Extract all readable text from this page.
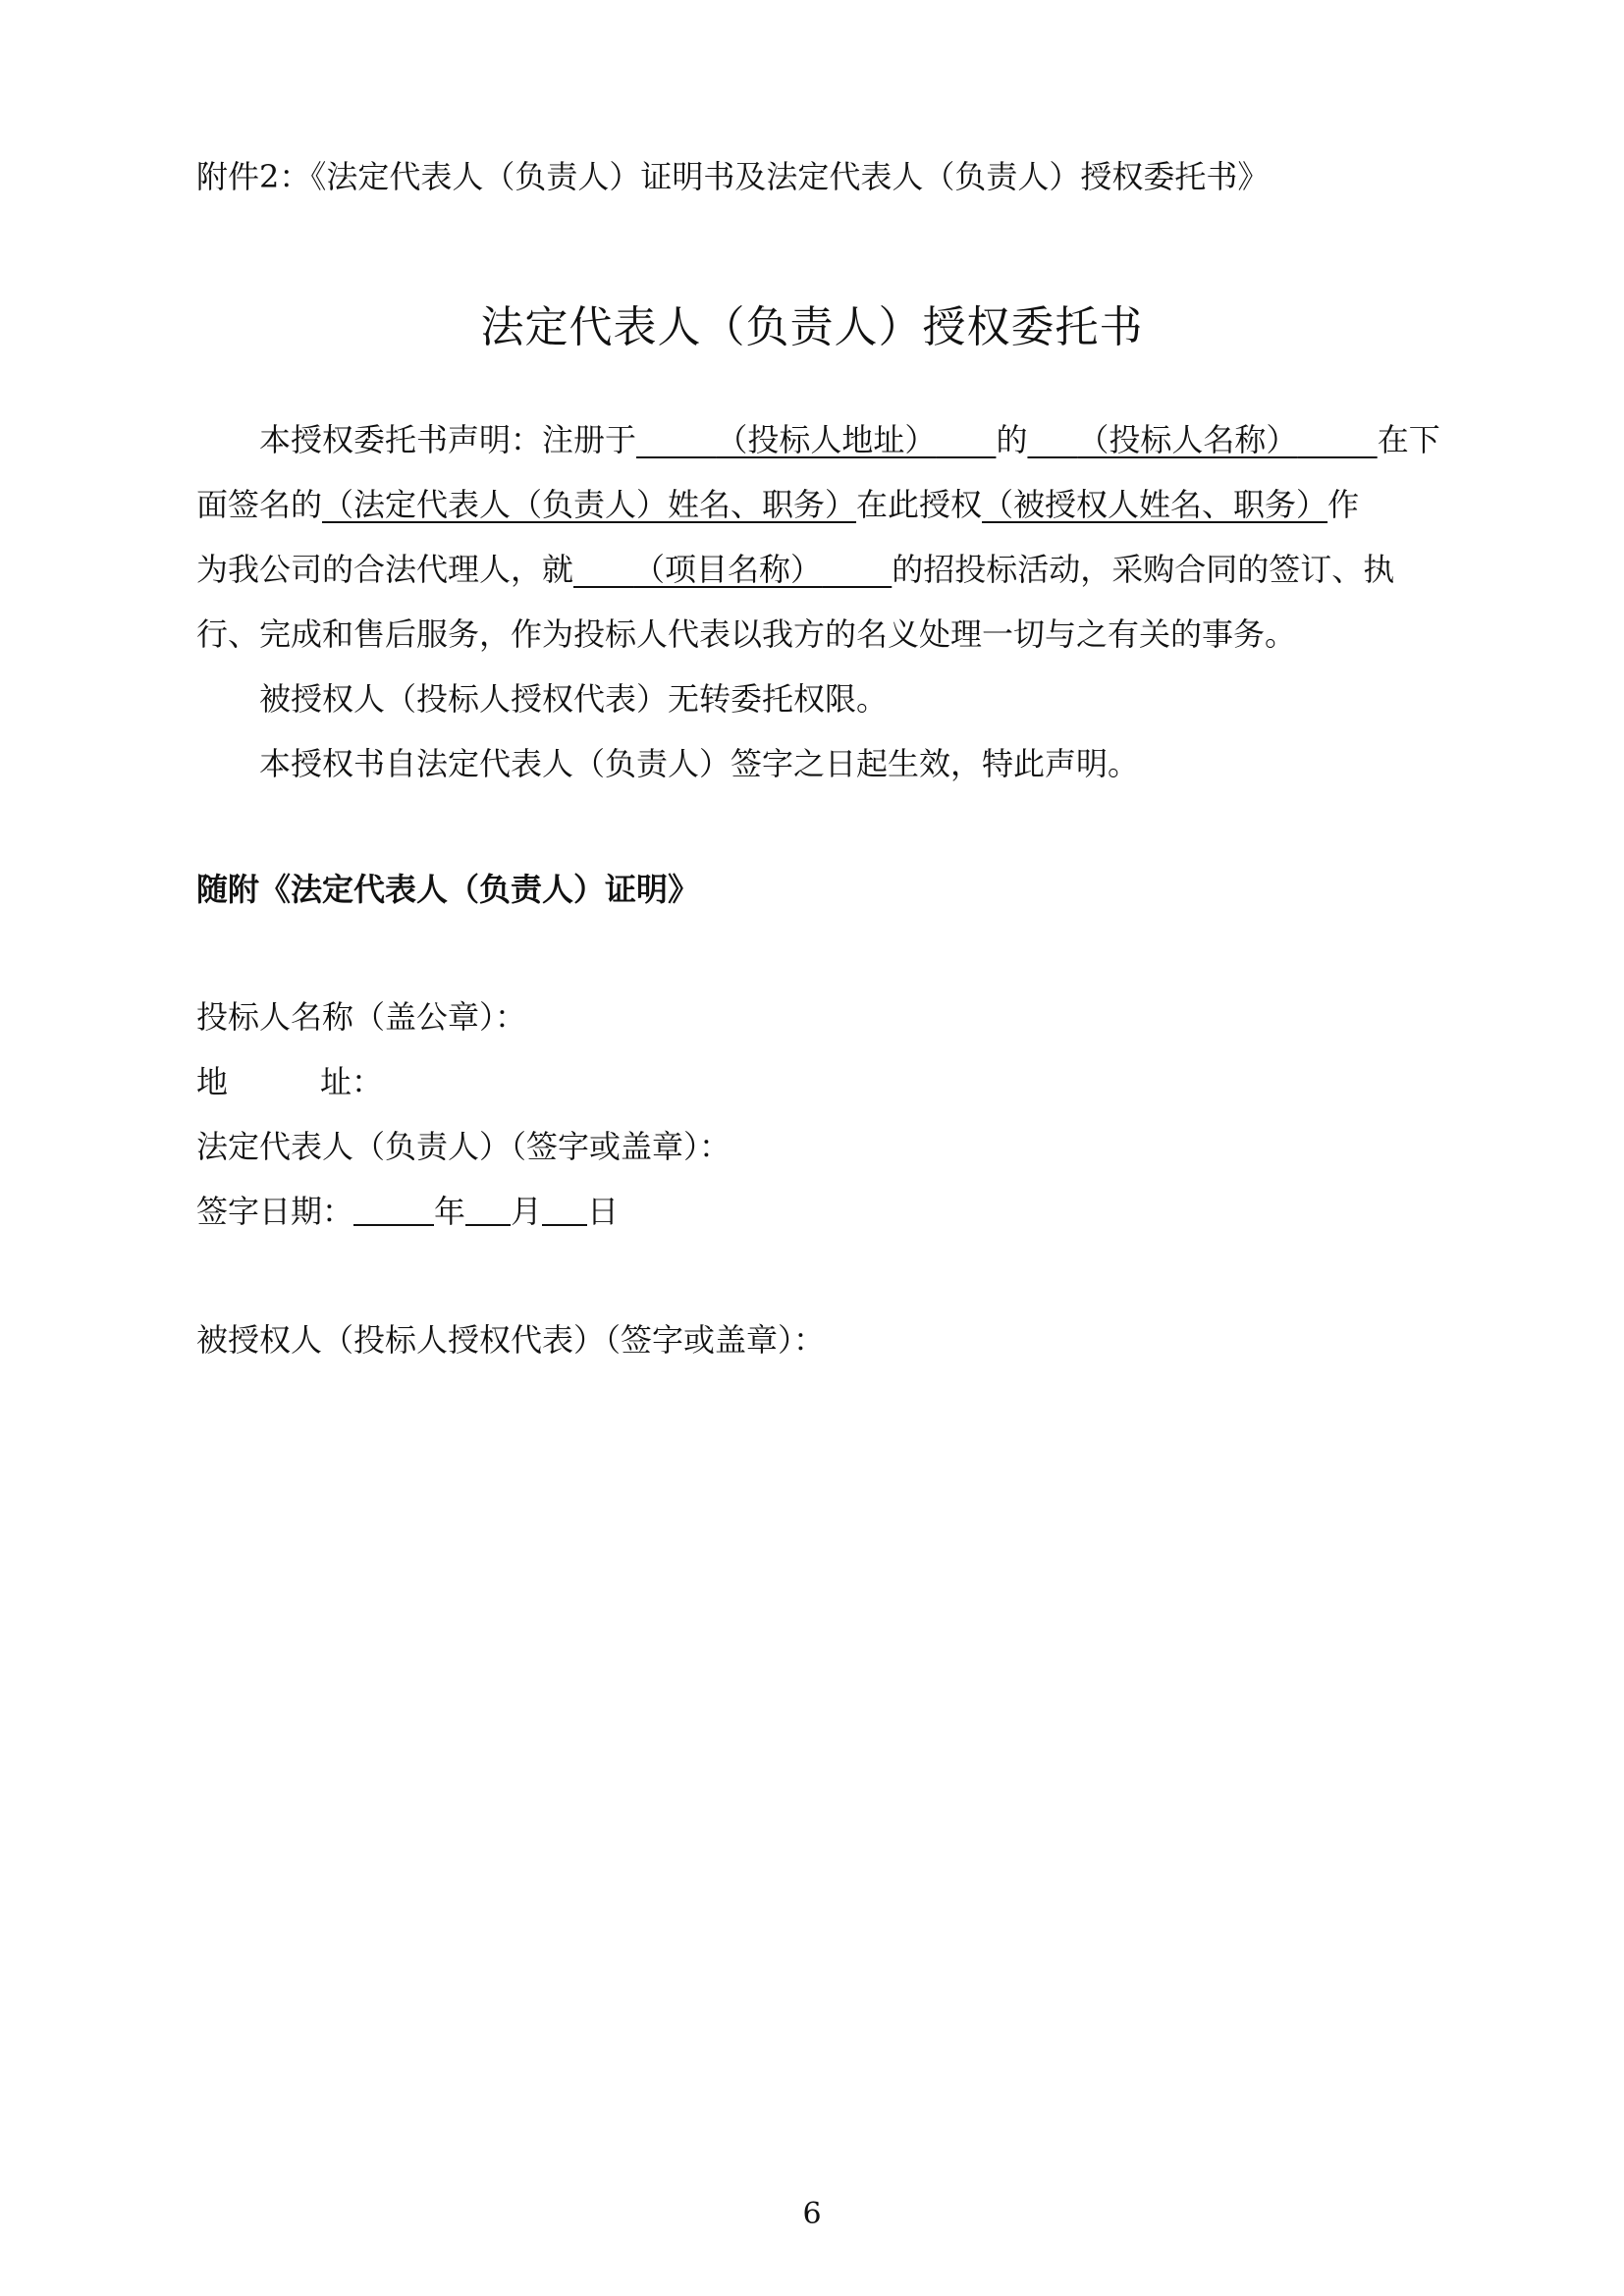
附件2：《法定代表人（负责人）证明书及法定代表人（负责人）授权委托书》
法定代表人（负责人）授权委托书
本授权委托书声明：注册于	（投标人地址） 的 （投标人名称）	在下
面签名的（法定代表人（负责人）姓名、职务）在此授权（被授权人姓名、职务）作
为我公司的合法代理人，就 （项目名称） 的招投标活动，采购合同的签订、执
行、完成和售后服务，作为投标人代表以我方的名义处理一切与之有关的事务。
被授权人（投标人授权代表）无转委托权限。
本授权书自法定代表人（负责人）签字之日起生效，特此声明。
随附《法定代表人（负责人）证明》
投标人名称（盖公章）：
地	址：
法定代表人（负责人）（签字或盖章）：
签字日期：	年 月 日
被授权人（投标人授权代表）（签字或盖章）：
6
